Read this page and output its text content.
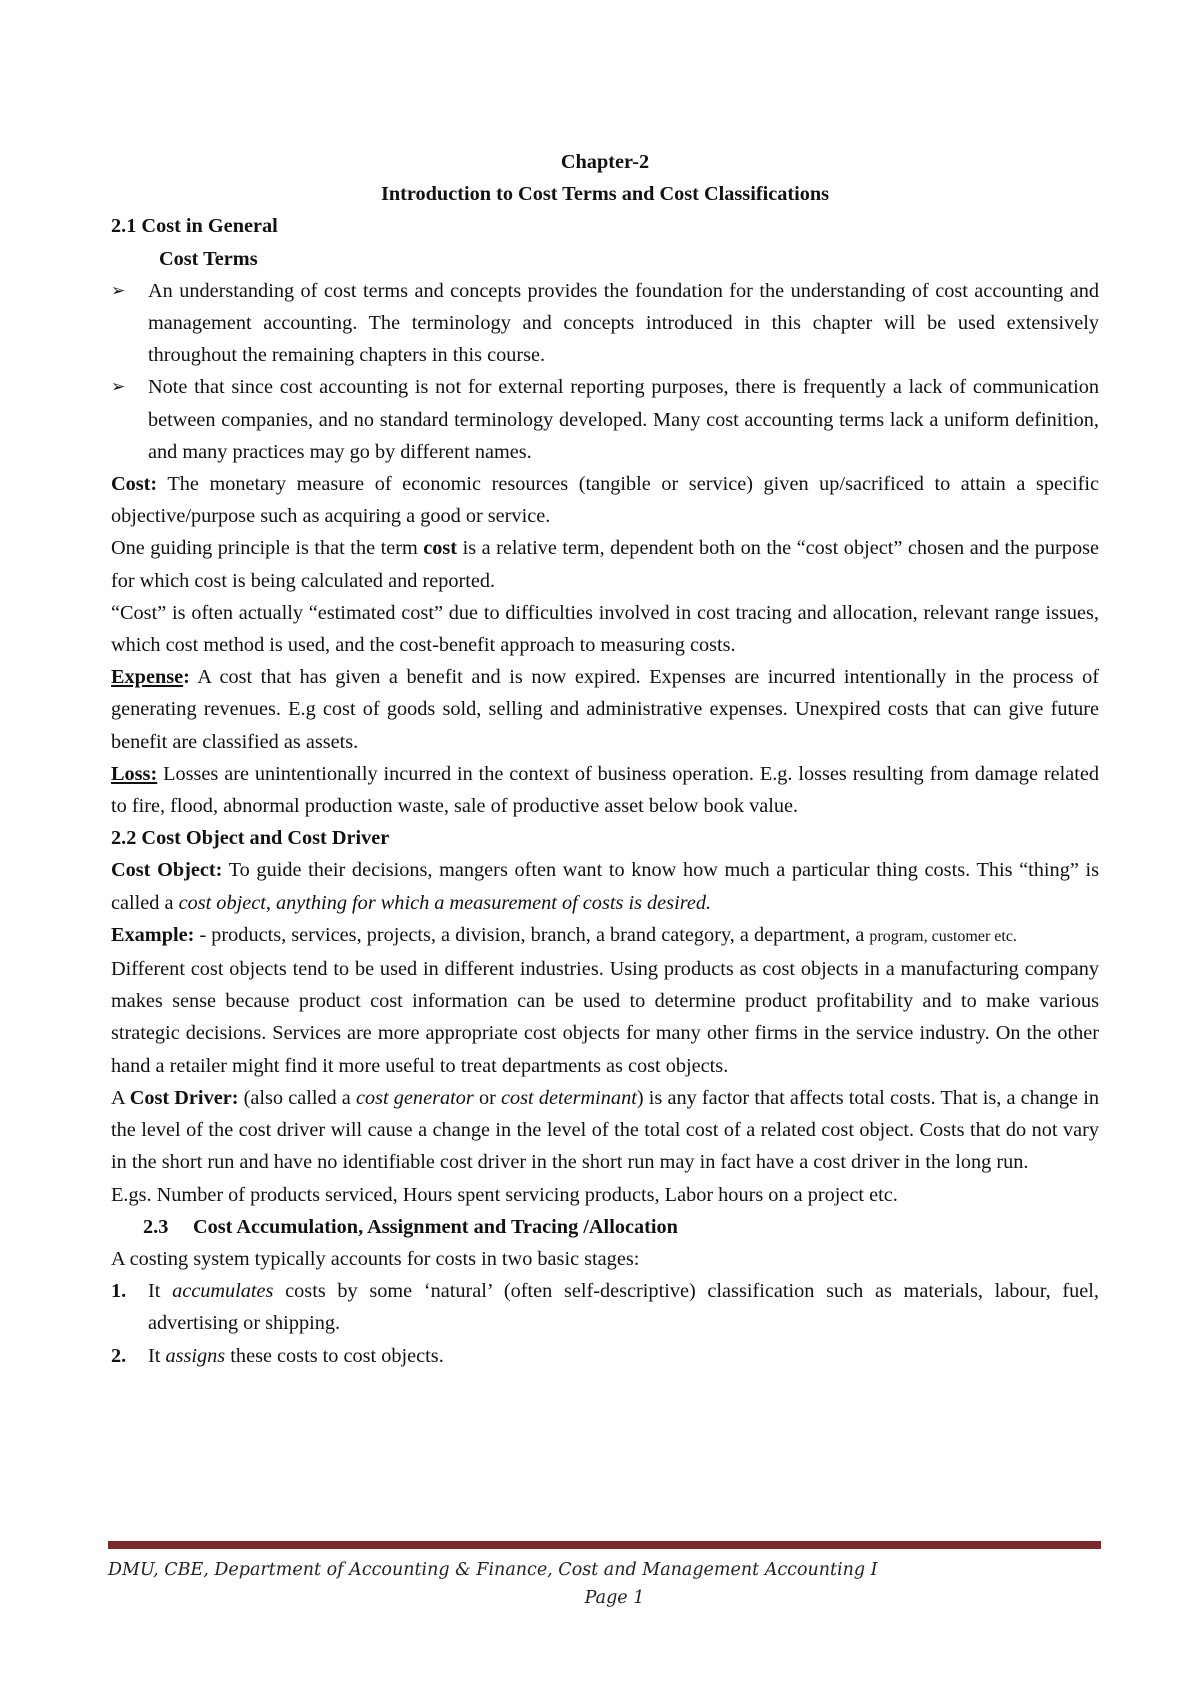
Chapter-2
Introduction to Cost Terms and Cost Classifications
2.1 Cost in General
Cost Terms
➢ An understanding of cost terms and concepts provides the foundation for the understanding of cost accounting and management accounting. The terminology and concepts introduced in this chapter will be used extensively throughout the remaining chapters in this course.
➢ Note that since cost accounting is not for external reporting purposes, there is frequently a lack of communication between companies, and no standard terminology developed. Many cost accounting terms lack a uniform definition, and many practices may go by different names.
Cost: The monetary measure of economic resources (tangible or service) given up/sacrificed to attain a specific objective/purpose such as acquiring a good or service.
One guiding principle is that the term cost is a relative term, dependent both on the “cost object” chosen and the purpose for which cost is being calculated and reported.
“Cost” is often actually “estimated cost” due to difficulties involved in cost tracing and allocation, relevant range issues, which cost method is used, and the cost-benefit approach to measuring costs.
Expense: A cost that has given a benefit and is now expired. Expenses are incurred intentionally in the process of generating revenues. E.g cost of goods sold, selling and administrative expenses. Unexpired costs that can give future benefit are classified as assets.
Loss: Losses are unintentionally incurred in the context of business operation. E.g. losses resulting from damage related to fire, flood, abnormal production waste, sale of productive asset below book value.
2.2 Cost Object and Cost Driver
Cost Object: To guide their decisions, mangers often want to know how much a particular thing costs. This “thing” is called a cost object, anything for which a measurement of costs is desired.
Example: - products, services, projects, a division, branch, a brand category, a department, a program, customer etc.
Different cost objects tend to be used in different industries. Using products as cost objects in a manufacturing company makes sense because product cost information can be used to determine product profitability and to make various strategic decisions. Services are more appropriate cost objects for many other firms in the service industry. On the other hand a retailer might find it more useful to treat departments as cost objects.
A Cost Driver: (also called a cost generator or cost determinant) is any factor that affects total costs. That is, a change in the level of the cost driver will cause a change in the level of the total cost of a related cost object. Costs that do not vary in the short run and have no identifiable cost driver in the short run may in fact have a cost driver in the long run.
E.gs. Number of products serviced, Hours spent servicing products, Labor hours on a project etc.
2.3 Cost Accumulation, Assignment and Tracing /Allocation
A costing system typically accounts for costs in two basic stages:
1. It accumulates costs by some ‘natural’ (often self-descriptive) classification such as materials, labour, fuel, advertising or shipping.
2. It assigns these costs to cost objects.
DMU, CBE, Department of Accounting & Finance, Cost and Management Accounting I
Page 1
